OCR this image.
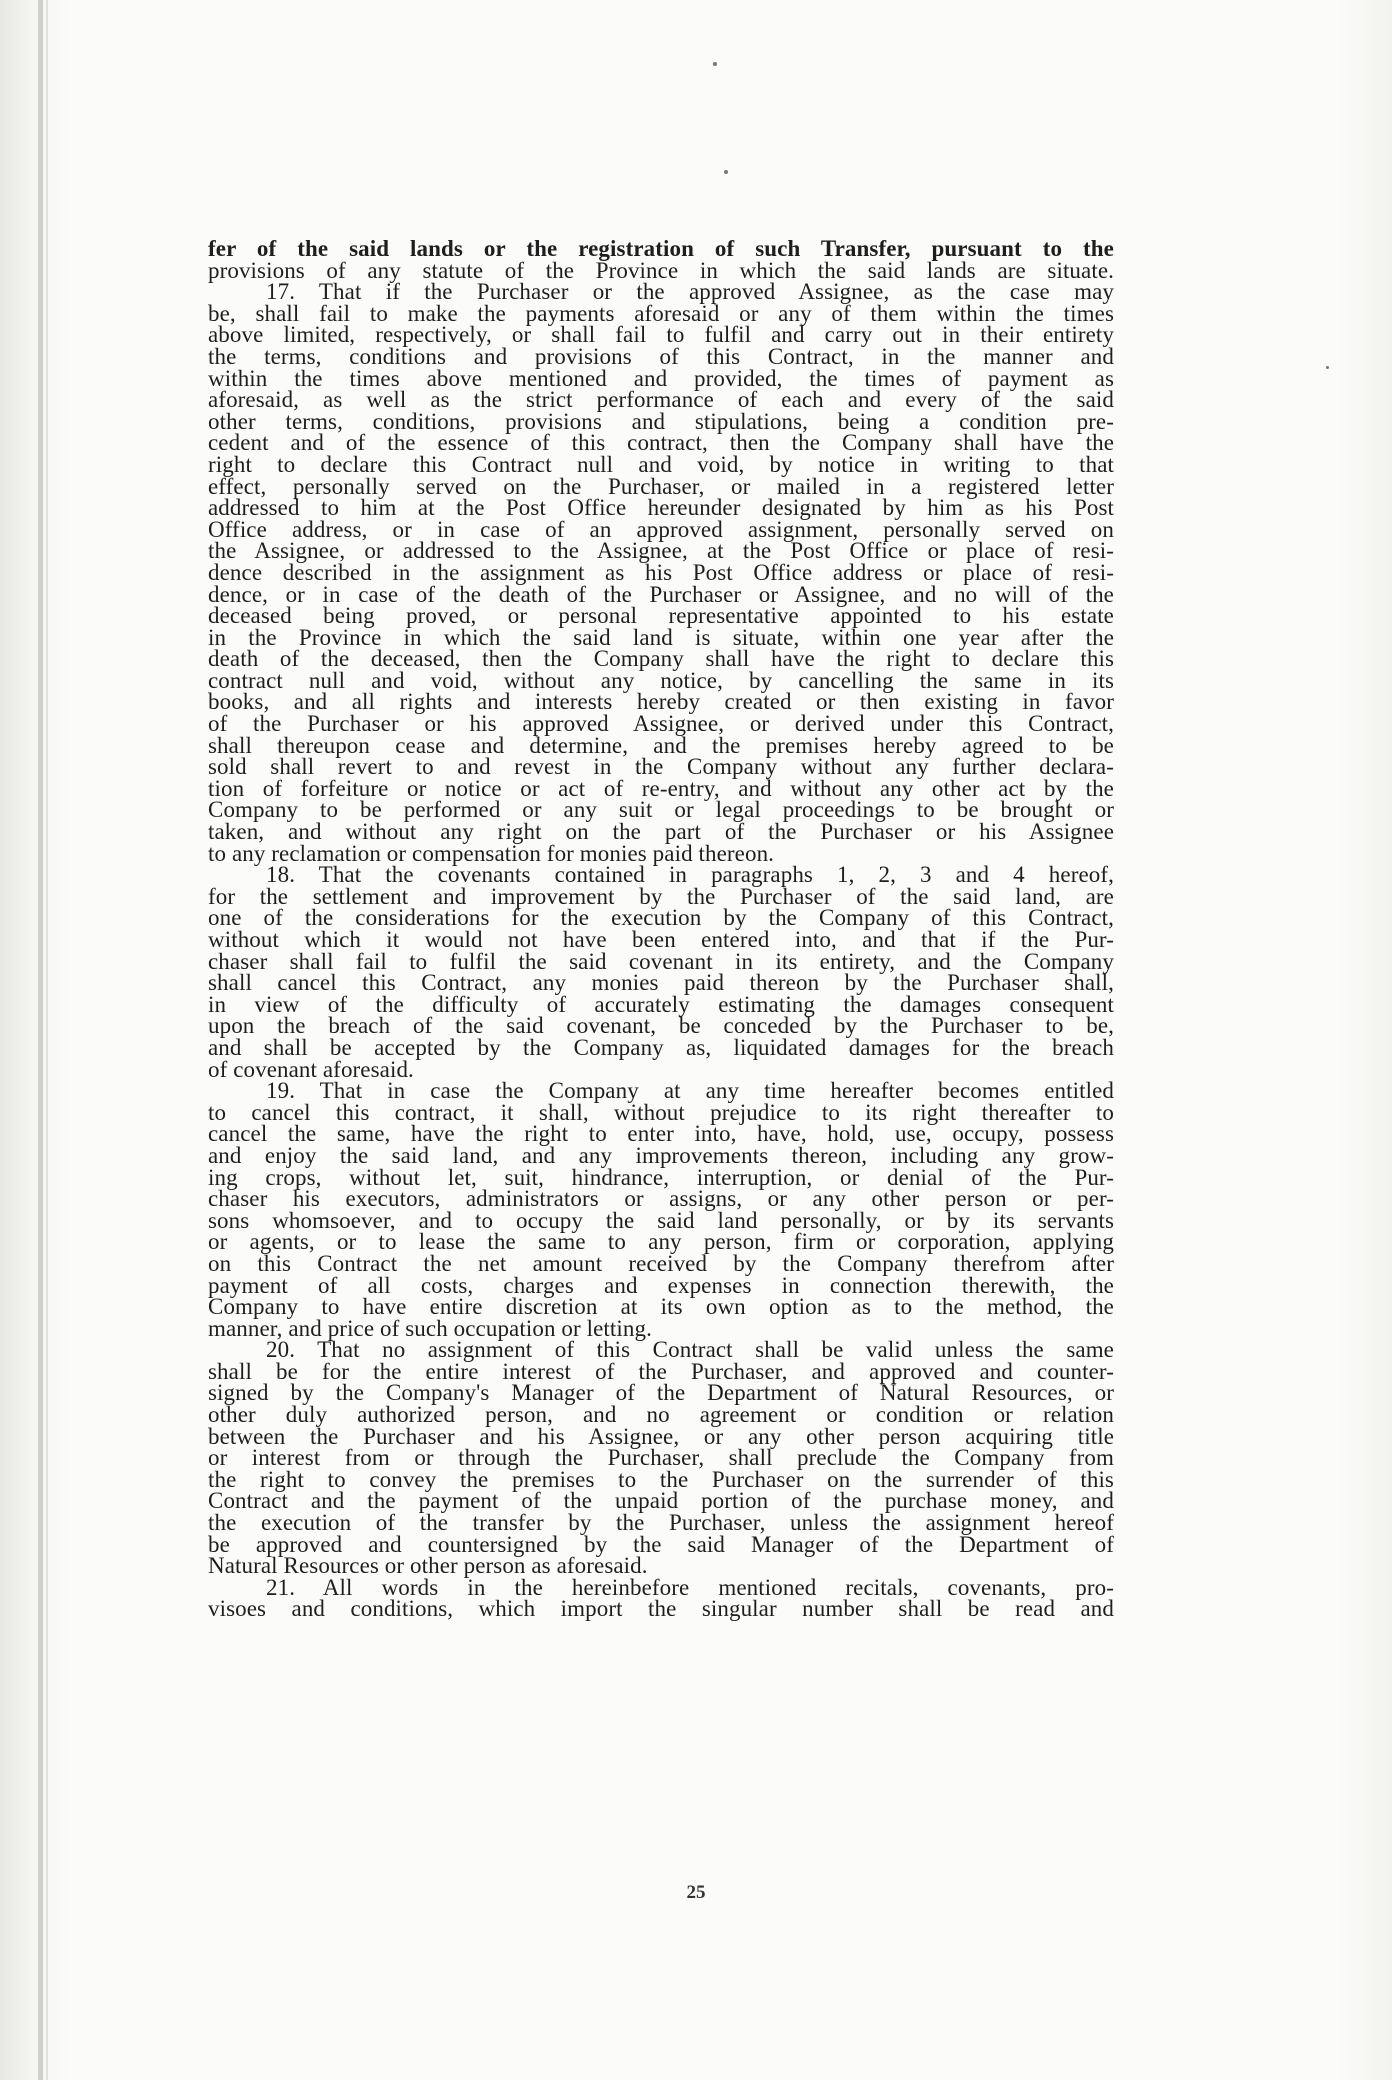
fer of the said lands or the registration of such Transfer, pursuant to the
provisions of any statute of the Province in which the said lands are situate.
17. That if the Purchaser or the approved Assignee, as the case may
be, shall fail to make the payments aforesaid or any of them within the times
above limited, respectively, or shall fail to fulfil and carry out in their entirety
the terms, conditions and provisions of this Contract, in the manner and
within the times above mentioned and provided, the times of payment as
aforesaid, as well as the strict performance of each and every of the said
other terms, conditions, provisions and stipulations, being a condition pre-
cedent and of the essence of this contract, then the Company shall have the
right to declare this Contract null and void, by notice in writing to that
effect, personally served on the Purchaser, or mailed in a registered letter
addressed to him at the Post Office hereunder designated by him as his Post
Office address, or in case of an approved assignment, personally served on
the Assignee, or addressed to the Assignee, at the Post Office or place of resi-
dence described in the assignment as his Post Office address or place of resi-
dence, or in case of the death of the Purchaser or Assignee, and no will of the
deceased being proved, or personal representative appointed to his estate
in the Province in which the said land is situate, within one year after the
death of the deceased, then the Company shall have the right to declare this
contract null and void, without any notice, by cancelling the same in its
books, and all rights and interests hereby created or then existing in favor
of the Purchaser or his approved Assignee, or derived under this Contract,
shall thereupon cease and determine, and the premises hereby agreed to be
sold shall revert to and revest in the Company without any further declara-
tion of forfeiture or notice or act of re-entry, and without any other act by the
Company to be performed or any suit or legal proceedings to be brought or
taken, and without any right on the part of the Purchaser or his Assignee
to any reclamation or compensation for monies paid thereon.
18. That the covenants contained in paragraphs 1, 2, 3 and 4 hereof,
for the settlement and improvement by the Purchaser of the said land, are
one of the considerations for the execution by the Company of this Contract,
without which it would not have been entered into, and that if the Pur-
chaser shall fail to fulfil the said covenant in its entirety, and the Company
shall cancel this Contract, any monies paid thereon by the Purchaser shall,
in view of the difficulty of accurately estimating the damages consequent
upon the breach of the said covenant, be conceded by the Purchaser to be,
and shall be accepted by the Company as, liquidated damages for the breach
of covenant aforesaid.
19. That in case the Company at any time hereafter becomes entitled
to cancel this contract, it shall, without prejudice to its right thereafter to
cancel the same, have the right to enter into, have, hold, use, occupy, possess
and enjoy the said land, and any improvements thereon, including any grow-
ing crops, without let, suit, hindrance, interruption, or denial of the Pur-
chaser his executors, administrators or assigns, or any other person or per-
sons whomsoever, and to occupy the said land personally, or by its servants
or agents, or to lease the same to any person, firm or corporation, applying
on this Contract the net amount received by the Company therefrom after
payment of all costs, charges and expenses in connection therewith, the
Company to have entire discretion at its own option as to the method, the
manner, and price of such occupation or letting.
20. That no assignment of this Contract shall be valid unless the same
shall be for the entire interest of the Purchaser, and approved and counter-
signed by the Company's Manager of the Department of Natural Resources, or
other duly authorized person, and no agreement or condition or relation
between the Purchaser and his Assignee, or any other person acquiring title
or interest from or through the Purchaser, shall preclude the Company from
the right to convey the premises to the Purchaser on the surrender of this
Contract and the payment of the unpaid portion of the purchase money, and
the execution of the transfer by the Purchaser, unless the assignment hereof
be approved and countersigned by the said Manager of the Department of
Natural Resources or other person as aforesaid.
21. All words in the hereinbefore mentioned recitals, covenants, pro-
visoes and conditions, which import the singular number shall be read and
25
